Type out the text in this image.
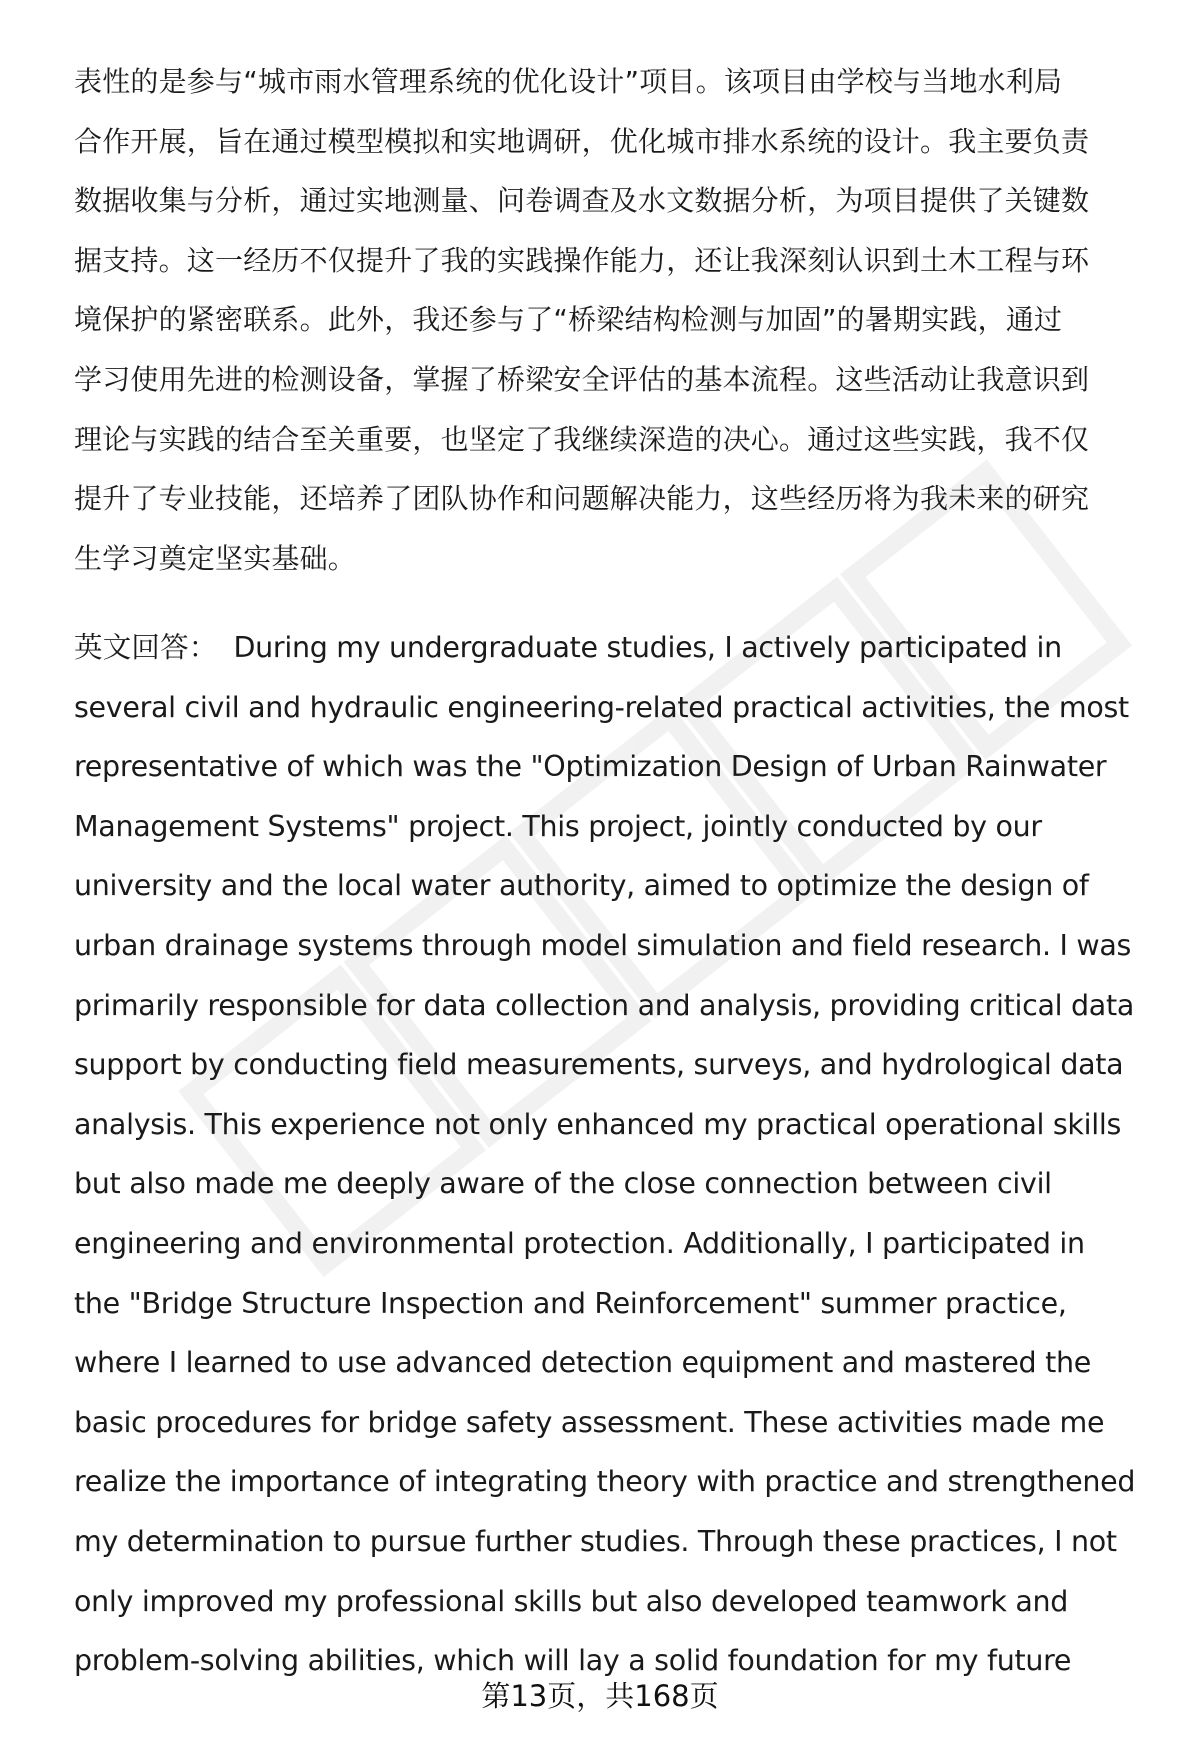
表性的是参与“城市雨水管理系统的优化设计”项目。该项目由学校与当地水利局
合作开展，旨在通过模型模拟和实地调研，优化城市排水系统的设计。我主要负责
数据收集与分析，通过实地测量、问卷调查及水文数据分析，为项目提供了关键数
据支持。这一经历不仅提升了我的实践操作能力，还让我深刻认识到土木工程与环
境保护的紧密联系。此外，我还参与了“桥梁结构检测与加固”的暑期实践，通过
学习使用先进的检测设备，掌握了桥梁安全评估的基本流程。这些活动让我意识到
理论与实践的结合至关重要，也坚定了我继续深造的决心。通过这些实践，我不仅
提升了专业技能，还培养了团队协作和问题解决能力，这些经历将为我未来的研究
生学习奠定坚实基础。
英文回答： During my undergraduate studies, I actively participated in
several civil and hydraulic engineering-related practical activities, the most
representative of which was the "Optimization Design of Urban Rainwater
Management Systems" project. This project, jointly conducted by our
university and the local water authority, aimed to optimize the design of
urban drainage systems through model simulation and field research. I was
primarily responsible for data collection and analysis, providing critical data
support by conducting field measurements, surveys, and hydrological data
analysis. This experience not only enhanced my practical operational skills
but also made me deeply aware of the close connection between civil
engineering and environmental protection. Additionally, I participated in
the "Bridge Structure Inspection and Reinforcement" summer practice,
where I learned to use advanced detection equipment and mastered the
basic procedures for bridge safety assessment. These activities made me
realize the importance of integrating theory with practice and strengthened
my determination to pursue further studies. Through these practices, I not
only improved my professional skills but also developed teamwork and
problem-solving abilities, which will lay a solid foundation for my future
第13页，共168页
